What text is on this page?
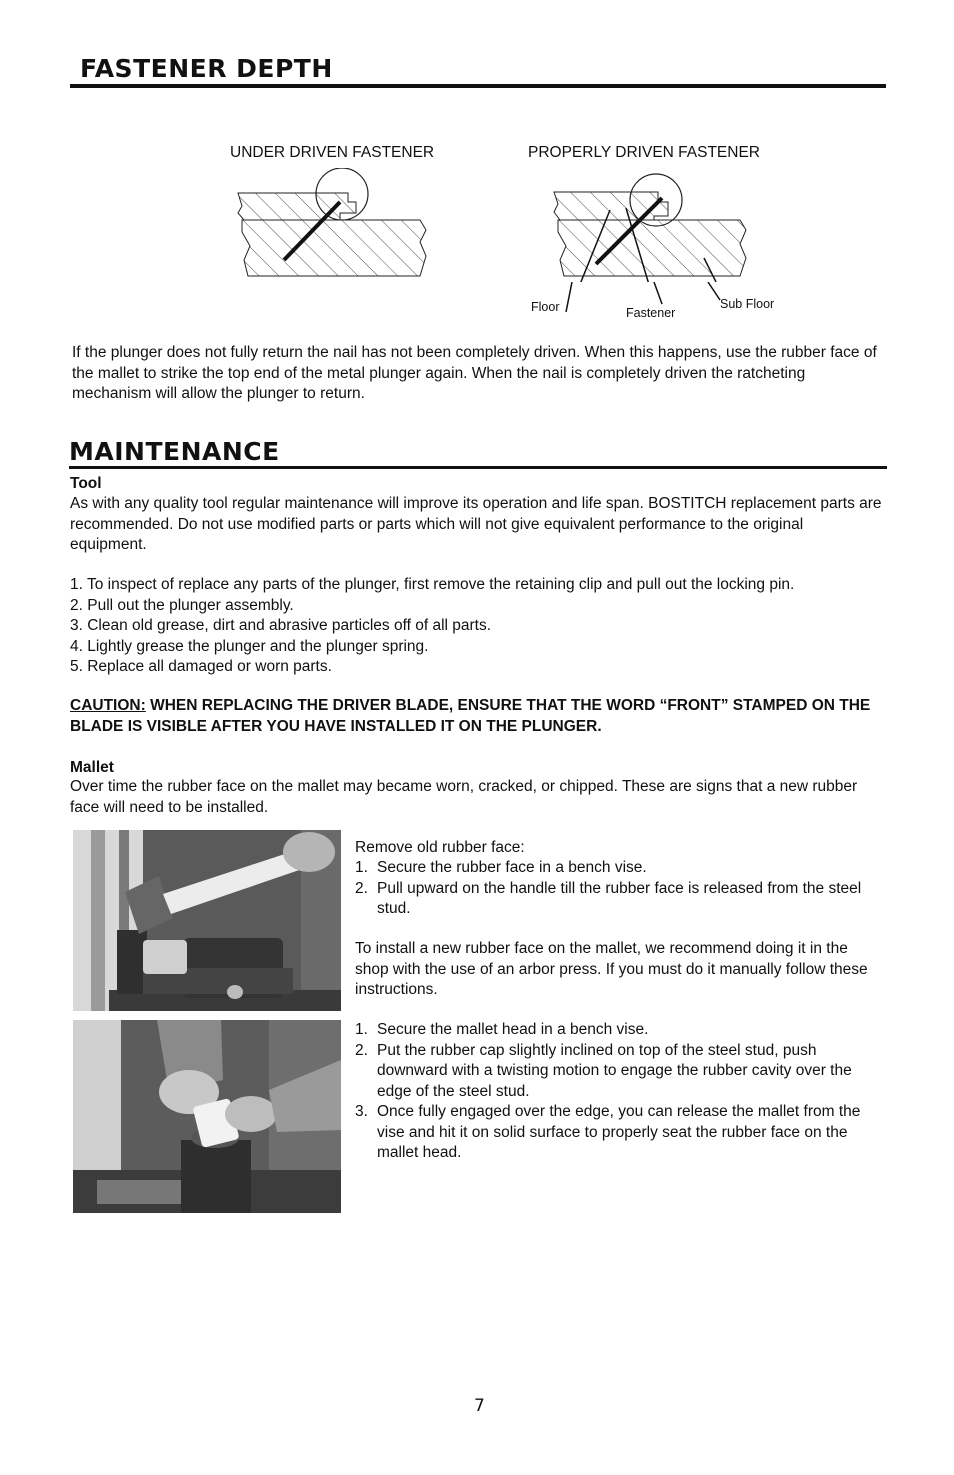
FASTENER DEPTH
UNDER DRIVEN FASTENER	PROPERLY DRIVEN FASTENER
Floor	Fastener
Sub Floor

If the plunger does not fully return the nail has not been completely driven. When this happens, use the rubber face of the mallet to strike the top end of the metal plunger again. When the nail is completely driven the ratcheting mechanism will allow the plunger to return.

MAINTENANCE
Tool

As with any quality tool regular maintenance will improve its operation and life span. BOSTITCH replacement parts are recommended. Do not use modified parts or parts which will not give equivalent performance to the original equipment.

1. To inspect of replace any parts of the plunger, first remove the retaining clip and pull out the locking pin.
2. Pull out the plunger assembly.
3. Clean old grease, dirt and abrasive particles off of all parts.
4. Lightly grease the plunger and the plunger spring.
5. Replace all damaged or worn parts.

CAUTION: WHEN REPLACING THE DRIVER BLADE, ENSURE THAT THE WORD “FRONT” STAMPED ON THE BLADE IS VISIBLE AFTER YOU HAVE INSTALLED IT ON THE PLUNGER.

Mallet

Over time the rubber face on the mallet may became worn, cracked, or chipped. These are signs that a new rubber face will need to be installed.

Remove old rubber face:
1. Secure the rubber face in a bench vise.
2. Pull upward on the handle till the rubber face is released from the steel stud.

To install a new rubber face on the mallet, we recommend doing it in the shop with the use of an arbor press. If you must do it manually follow these instructions.

1. Secure the mallet head in a bench vise.
2. Put the rubber cap slightly inclined on top of the steel stud, push downward with a twisting motion to engage the rubber cavity over the edge of the steel stud.
3. Once fully engaged over the edge, you can release the mallet from the vise and hit it on solid surface to properly seat the rubber face on the mallet head.
7
